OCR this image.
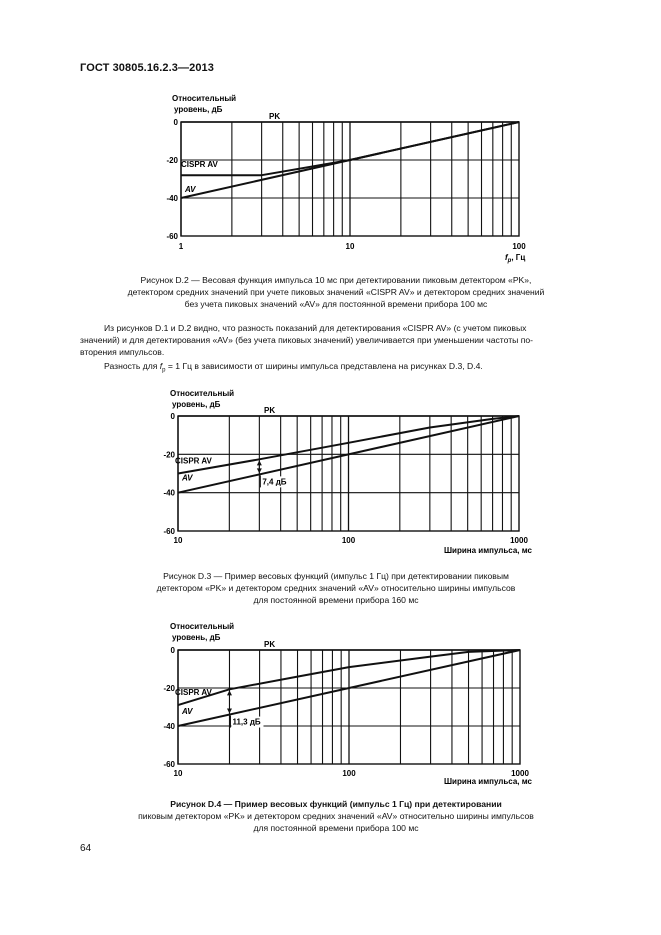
ГОСТ 30805.16.2.3—2013
Относительный
уровень, дБ
$f_p$, Гц
0
-20
-40
-60
1	10	100
PK
CISPR AV
AV
Рисунок D.2 — Весовая функция импульса 10 мс при детектировании пиковым детектором «PK»,
детектором средних значений при учете пиковых значений «CISPR AV» и детектором средних значений
без учета пиковых значений «AV» для постоянной времени прибора 100 мс
Из рисунков D.1 и D.2 видно, что разность показаний для детектирования «CISPR AV» (с учетом пиковых
значений) и для детектирования «AV» (без учета пиковых значений) увеличивается при уменьшении частоты по-
вторения импульсов.
Разность для $f_p = 1$ Гц в зависимости от ширины импульса представлена на рисунках D.3, D.4.
Относительный
уровень, дБ
Ширина импульса, мс
0
-20
-40
-60
10	100	1000
PK
CISPR AV
AV	7,4 дБ
Рисунок D.3 — Пример весовых функций (импульс 1 Гц) при детектировании пиковым
детектором «PK» и детектором средних значений «AV» относительно ширины импульсов
для постоянной времени прибора 160 мс
Относительный
уровень, дБ
Ширина импульса, мс
0
-20
-40
-60
10	100	1000
PK
CISPR AV
AV
11,3 дБ
Рисунок D.4 — Пример весовых функций (импульс 1 Гц) при детектировании
пиковым детектором «PK» и детектором средних значений «AV» относительно ширины импульсов
для постоянной времени прибора 100 мс
64
